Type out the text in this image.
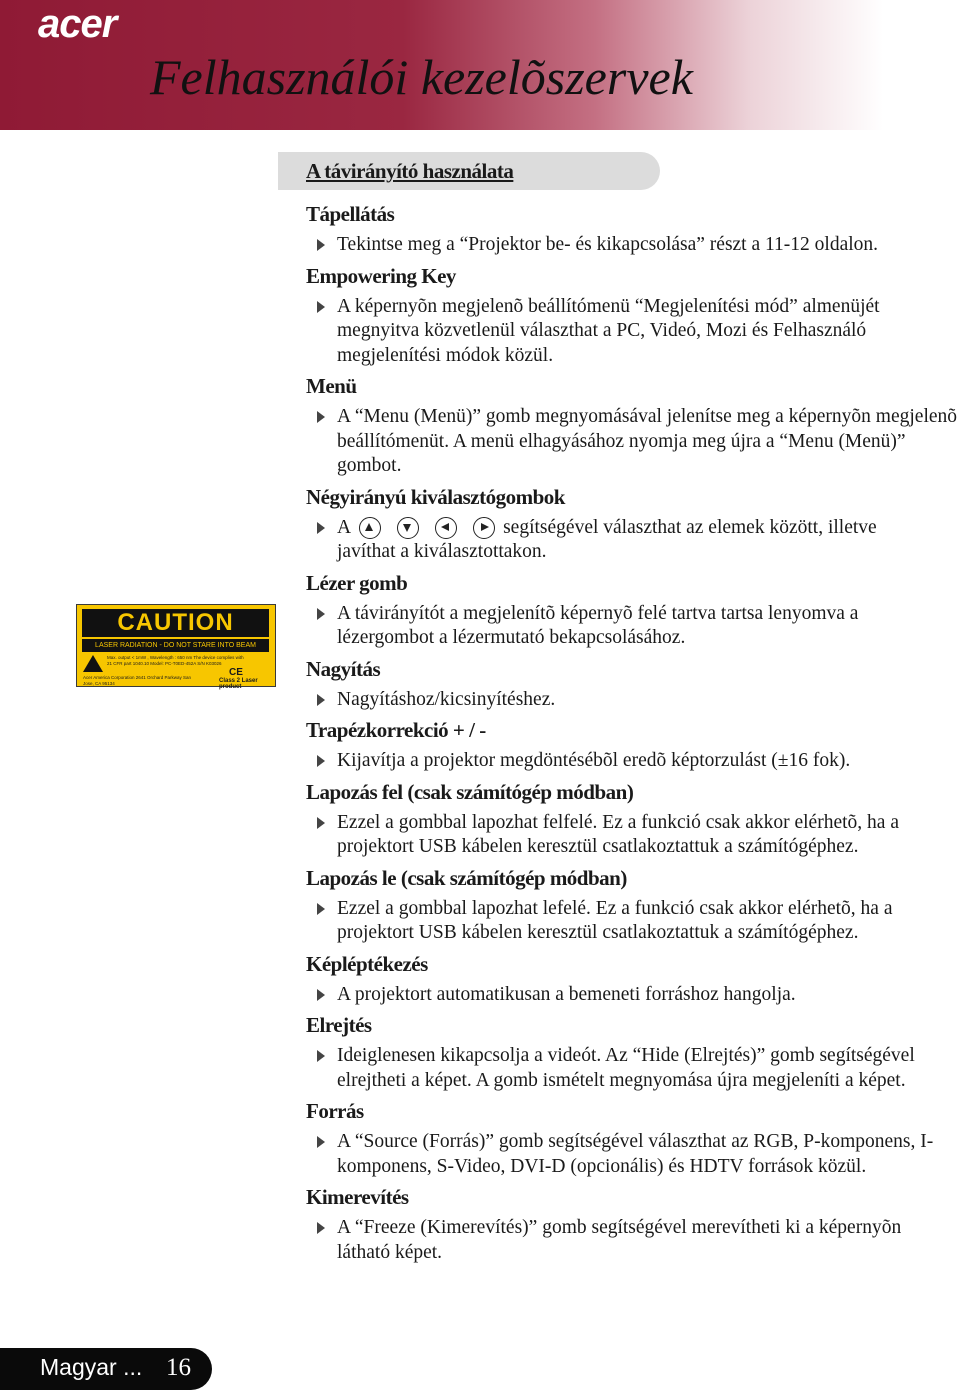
acer
Felhasználói kezelõszervek
A távirányító használata
Tápellátás
Tekintse meg a “Projektor be- és kikapcsolása” részt a 11-12 oldalon.
Empowering Key
A képernyõn megjelenõ beállítómenü “Megjelenítési mód” almenüjét megnyitva közvetlenül választhat a PC, Videó, Mozi és Felhasználó megjelenítési módok közül.
Menü
A “Menu (Menü)” gomb megnyomásával jelenítse meg a képernyõn megjelenõ beállítómenüt. A menü elhagyásához nyomja meg újra a “Menu (Menü)” gombot.
Négyirányú kiválasztógombok
A	segítségével választhat az elemek között, illetve
javíthat a kiválasztottakon.
Lézer gomb
A távirányítót a megjelenítõ képernyõ felé tartva tartsa lenyomva a lézergombot a lézermutató bekapcsolásához.
Nagyítás
Nagyításhoz/kicsinyítéshez.
Trapézkorrekció + / -
Kijavítja a projektor megdöntésébõl eredõ képtorzulást (±16 fok).
Lapozás fel (csak számítógép módban)
Ezzel a gombbal lapozhat felfelé. Ez a funkció csak akkor elérhetõ, ha a projektort USB kábelen keresztül csatlakoztattuk a számítógéphez.
Lapozás le (csak számítógép módban)
Ezzel a gombbal lapozhat lefelé. Ez a funkció csak akkor elérhetõ, ha a projektort USB kábelen keresztül csatlakoztattuk a számítógéphez.
Képléptékezés
A projektort automatikusan a bemeneti forráshoz hangolja.
Elrejtés
Ideiglenesen kikapcsolja a videót. Az “Hide (Elrejtés)” gomb segítségével elrejtheti a képet. A gomb ismételt megnyomása újra megjeleníti a képet.
Forrás
A “Source (Forrás)” gomb segítségével választhat az RGB, P-komponens, I-komponens, S-Video, DVI-D (opcionális) és HDTV források közül.
Kimerevítés
A “Freeze (Kimerevítés)” gomb segítségével merevítheti ki a képernyõn látható képet.
CAUTION
LASER RADIATION - DO NOT STARE INTO BEAM
Max. output < 1mW , Wavelength : 650 nm The device complies with 21 CFR part 1040.10 Model: PC-T0ED-452A S/N K03026
Acer America Corporation 2641 Orchard Parkway San Jose, CA 95134
CE
Class 2 Laser product
Magyar ... 16
